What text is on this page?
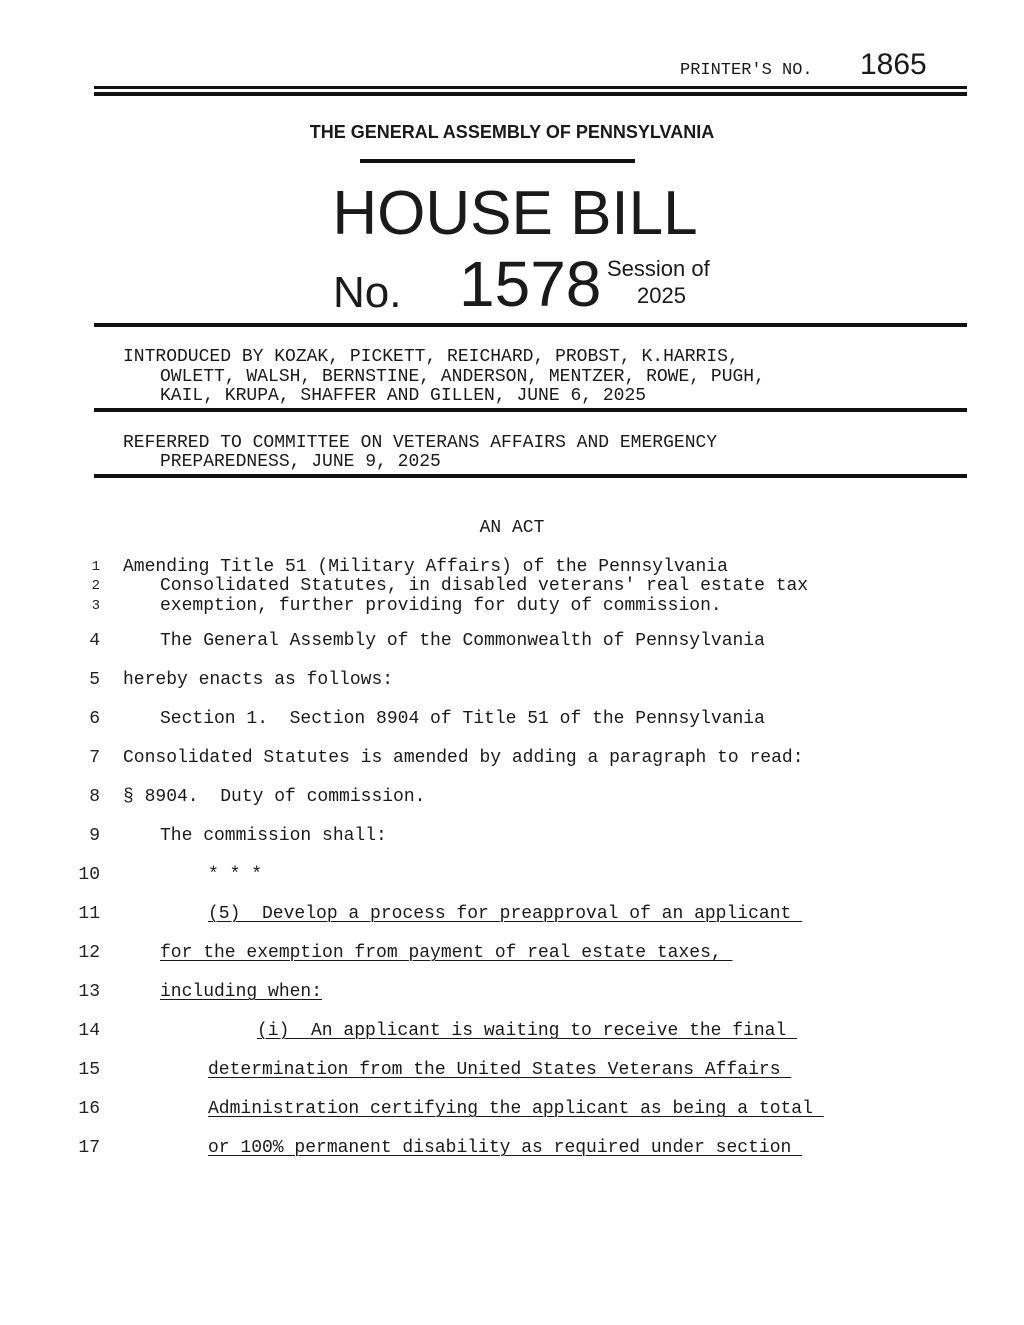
PRINTER'S NO. 1865
THE GENERAL ASSEMBLY OF PENNSYLVANIA
HOUSE BILL
No. 1578 Session of
2025
INTRODUCED BY KOZAK, PICKETT, REICHARD, PROBST, K.HARRIS,
OWLETT, WALSH, BERNSTINE, ANDERSON, MENTZER, ROWE, PUGH,
KAIL, KRUPA, SHAFFER AND GILLEN, JUNE 6, 2025
REFERRED TO COMMITTEE ON VETERANS AFFAIRS AND EMERGENCY
PREPAREDNESS, JUNE 9, 2025
AN ACT
1
2
3
Amending Title 51 (Military Affairs) of the Pennsylvania
Consolidated Statutes, in disabled veterans' real estate tax
exemption, further providing for duty of commission.
4	The General Assembly of the Commonwealth of Pennsylvania
5 hereby enacts as follows:
6	Section 1.  Section 8904 of Title 51 of the Pennsylvania
7 Consolidated Statutes is amended by adding a paragraph to read:
8 § 8904.  Duty of commission.
9	The commission shall:
10	* * *
11	(5)  Develop a process for preapproval of an applicant
12	for the exemption from payment of real estate taxes,
13	including when:
14	(i)  An applicant is waiting to receive the final
15	determination from the United States Veterans Affairs
16	Administration certifying the applicant as being a total
17	or 100% permanent disability as required under section
